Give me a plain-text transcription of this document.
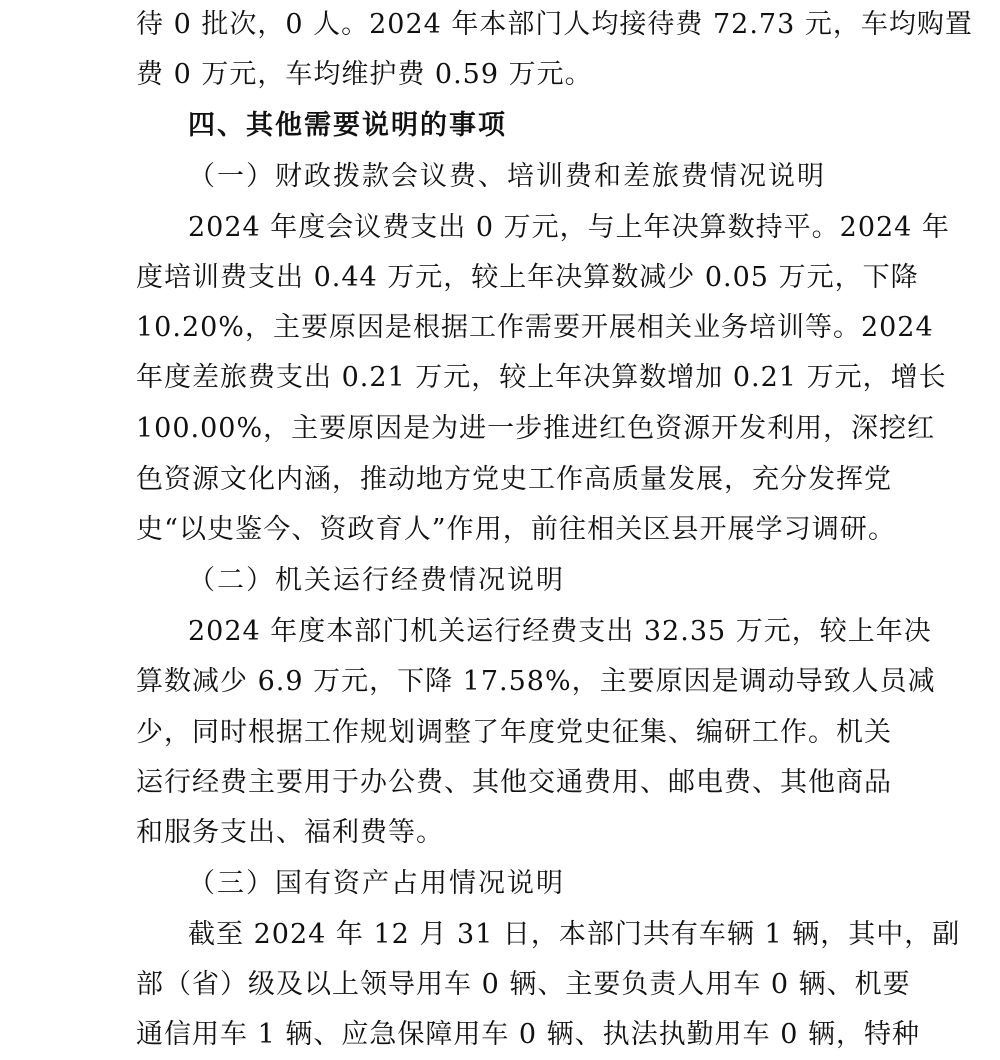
待 0 批次，0 人。2024 年本部门人均接待费 72.73 元，车均购置
费 0 万元，车均维护费 0.59 万元。
四、其他需要说明的事项
（一）财政拨款会议费、培训费和差旅费情况说明
2024 年度会议费支出 0 万元，与上年决算数持平。2024 年
度培训费支出 0.44 万元，较上年决算数减少 0.05 万元，下降
10.20%，主要原因是根据工作需要开展相关业务培训等。2024
年度差旅费支出 0.21 万元，较上年决算数增加 0.21 万元，增长
100.00%，主要原因是为进一步推进红色资源开发利用，深挖红
色资源文化内涵，推动地方党史工作高质量发展，充分发挥党
史“以史鉴今、资政育人”作用，前往相关区县开展学习调研。
（二）机关运行经费情况说明
2024 年度本部门机关运行经费支出 32.35 万元，较上年决
算数减少 6.9 万元，下降 17.58%，主要原因是调动导致人员减
少，同时根据工作规划调整了年度党史征集、编研工作。机关
运行经费主要用于办公费、其他交通费用、邮电费、其他商品
和服务支出、福利费等。
（三）国有资产占用情况说明
截至 2024 年 12 月 31 日，本部门共有车辆 1 辆，其中，副
部（省）级及以上领导用车 0 辆、主要负责人用车 0 辆、机要
通信用车 1 辆、应急保障用车 0 辆、执法执勤用车 0 辆，特种
